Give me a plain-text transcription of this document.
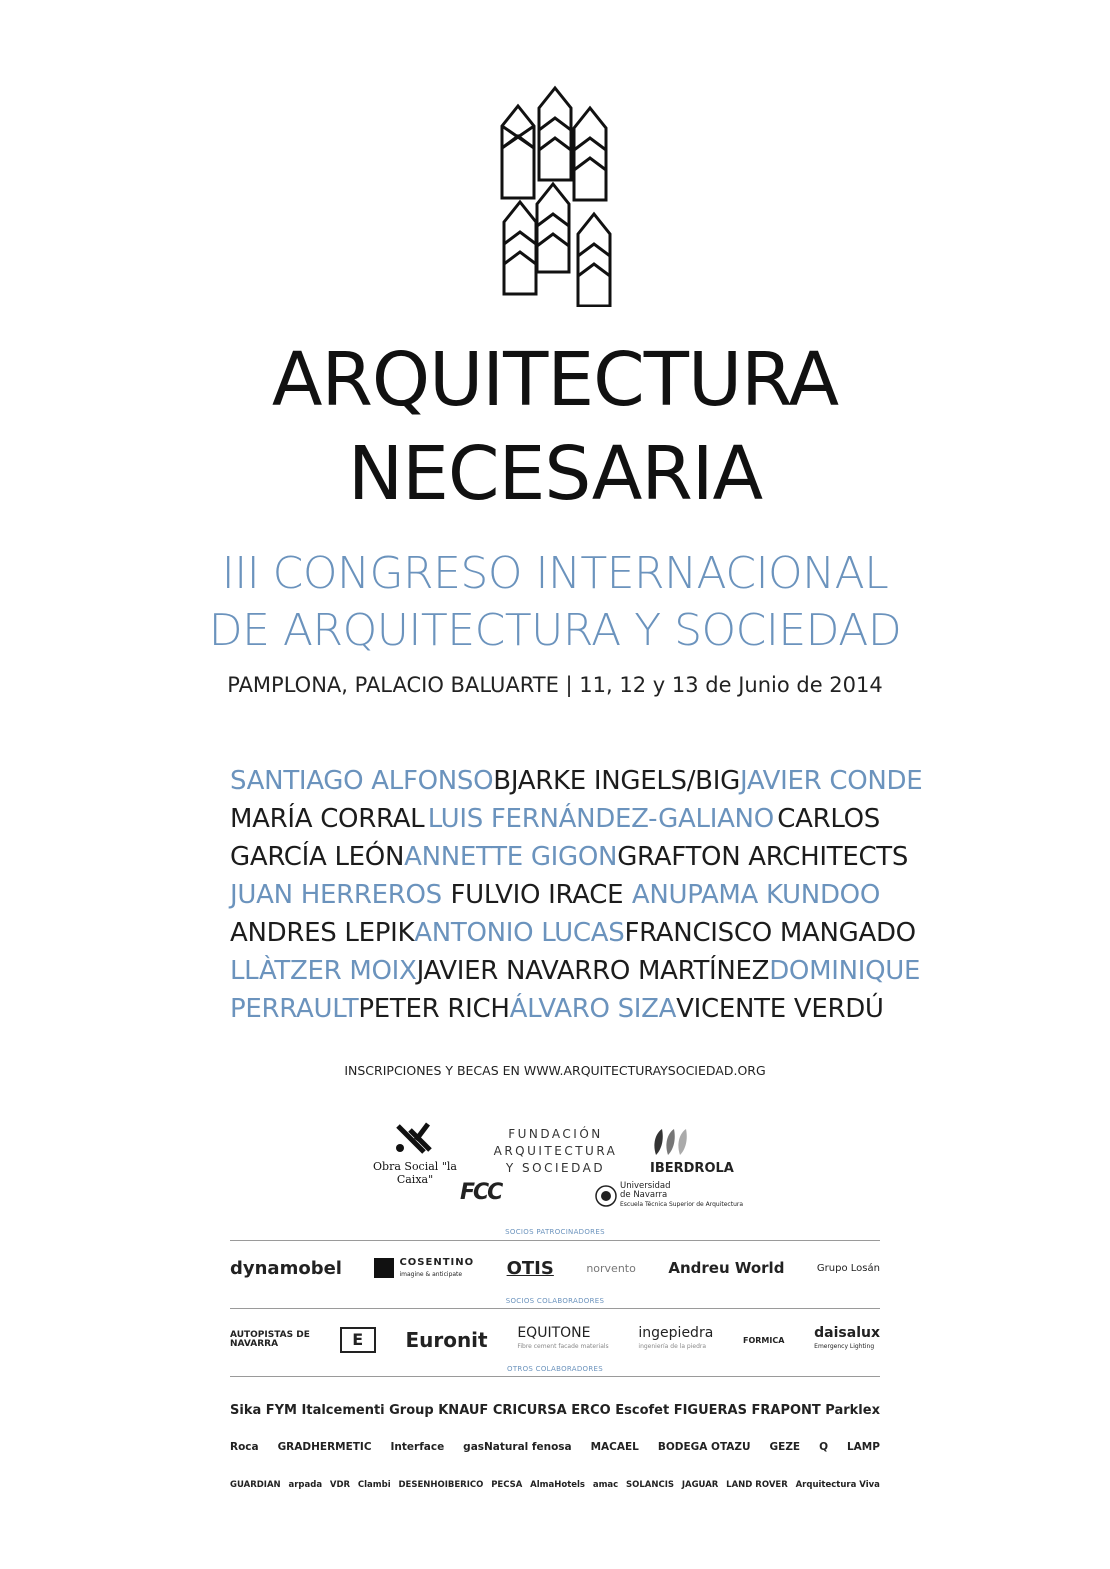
ARQUITECTURA
NECESARIA
III CONGRESO INTERNACIONAL
DE ARQUITECTURA Y SOCIEDAD
PAMPLONA, PALACIO BALUARTE | 11, 12 y 13 de Junio de 2014
SANTIAGO ALFONSO BJARKE INGELS/BIG JAVIER CONDE
MARÍA CORRAL LUIS FERNÁNDEZ-GALIANO CARLOS
GARCÍA LEÓN ANNETTE GIGON GRAFTON ARCHITECTS
JUAN HERREROS FULVIO IRACE ANUPAMA KUNDOO
ANDRES LEPIK ANTONIO LUCAS FRANCISCO MANGADO
LLÀTZER MOIX JAVIER NAVARRO MARTÍNEZ DOMINIQUE
PERRAULT PETER RICH ÁLVARO SIZA VICENTE VERDÚ
INSCRIPCIONES Y BECAS EN WWW.ARQUITECTURAYSOCIEDAD.ORG
Obra Social "la Caixa"
FUNDACIÓN
ARQUITECTURA
Y SOCIEDAD	IBERDROLA
FCC	Universidad
de Navarra
Escuela Técnica Superior de Arquitectura
SOCIOS PATROCINADORES
dynamobel	COSENTINO
imagine & anticipate	OTIS	norvento Andreu World	Grupo Losán
SOCIOS COLABORADORES
AUTOPISTAS DE NAVARRA	E	Euronit EQUITONE
Fibre cement facade materials
ingepiedra
ingeniería de la piedra
FORMICA daisalux
Emergency Lighting
OTROS COLABORADORES
Sika FYM Italcementi Group KNAUF CRICURSA ERCO Escofet FIGUERAS FRAPONT Parklex
Roca GRADHERMETIC Interface gasNatural fenosa MACAEL BODEGA OTAZU GEZE Q LAMP
GUARDIAN arpada VDR Clambi DESENHOIBERICO PECSA AlmaHotels amac SOLANCIS JAGUAR LAND ROVER Arquitectura Viva
